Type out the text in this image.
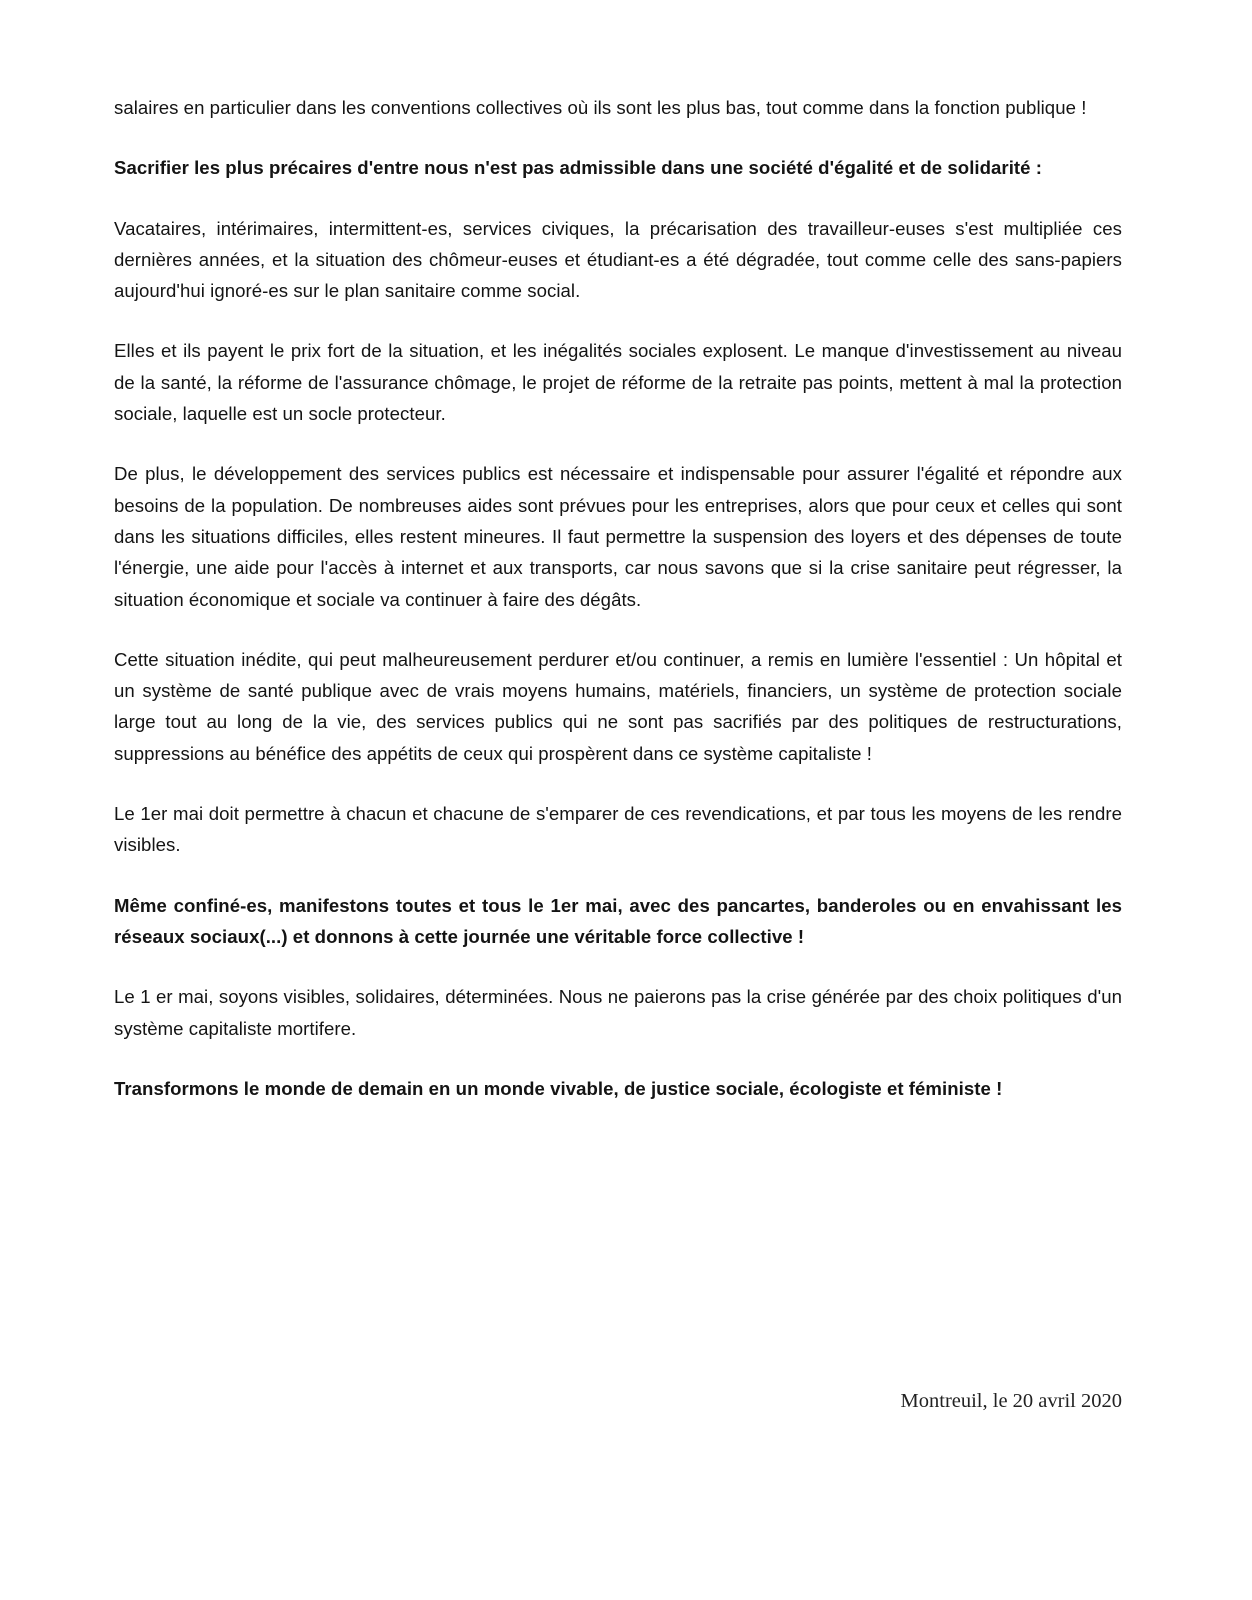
salaires en particulier dans les conventions collectives où ils sont les plus bas, tout comme dans la fonction publique !

Sacrifier les plus précaires d'entre nous n'est pas admissible dans une société d'égalité et de solidarité :

Vacataires, intérimaires, intermittent-es, services civiques, la précarisation des travailleur-euses s'est multipliée ces dernières années, et la situation des chômeur-euses et étudiant-es a été dégradée, tout comme celle des sans-papiers aujourd'hui ignoré-es sur le plan sanitaire comme social.

Elles et ils payent le prix fort de la situation, et les inégalités sociales explosent. Le manque d'investissement au niveau de la santé, la réforme de l'assurance chômage, le projet de réforme de la retraite pas points, mettent à mal la protection sociale, laquelle est un socle protecteur.

De plus, le développement des services publics est nécessaire et indispensable pour assurer l'égalité et répondre aux besoins de la population. De nombreuses aides sont prévues pour les entreprises, alors que pour ceux et celles qui sont dans les situations difficiles, elles restent mineures. Il faut permettre la suspension des loyers et des dépenses de toute l'énergie, une aide pour l'accès à internet et aux transports, car nous savons que si la crise sanitaire peut régresser, la situation économique et sociale va continuer à faire des dégâts.

Cette situation inédite, qui peut malheureusement perdurer et/ou continuer, a remis en lumière l'essentiel : Un hôpital et un système de santé publique avec de vrais moyens humains, matériels, financiers, un système de protection sociale large tout au long de la vie, des services publics qui ne sont pas sacrifiés par des politiques de restructurations, suppressions au bénéfice des appétits de ceux qui prospèrent dans ce système capitaliste !

Le 1er mai doit permettre à chacun et chacune de s'emparer de ces revendications, et par tous les moyens de les rendre visibles.

Même confiné-es, manifestons toutes et tous le 1er mai, avec des pancartes, banderoles ou en envahissant les réseaux sociaux(...) et donnons à cette journée une véritable force collective !

Le 1 er mai, soyons visibles, solidaires, déterminées. Nous ne paierons pas la crise générée par des choix politiques d'un système capitaliste mortifere.

Transformons le monde de demain en un monde vivable, de justice sociale, écologiste et féministe !

Montreuil, le 20 avril 2020
